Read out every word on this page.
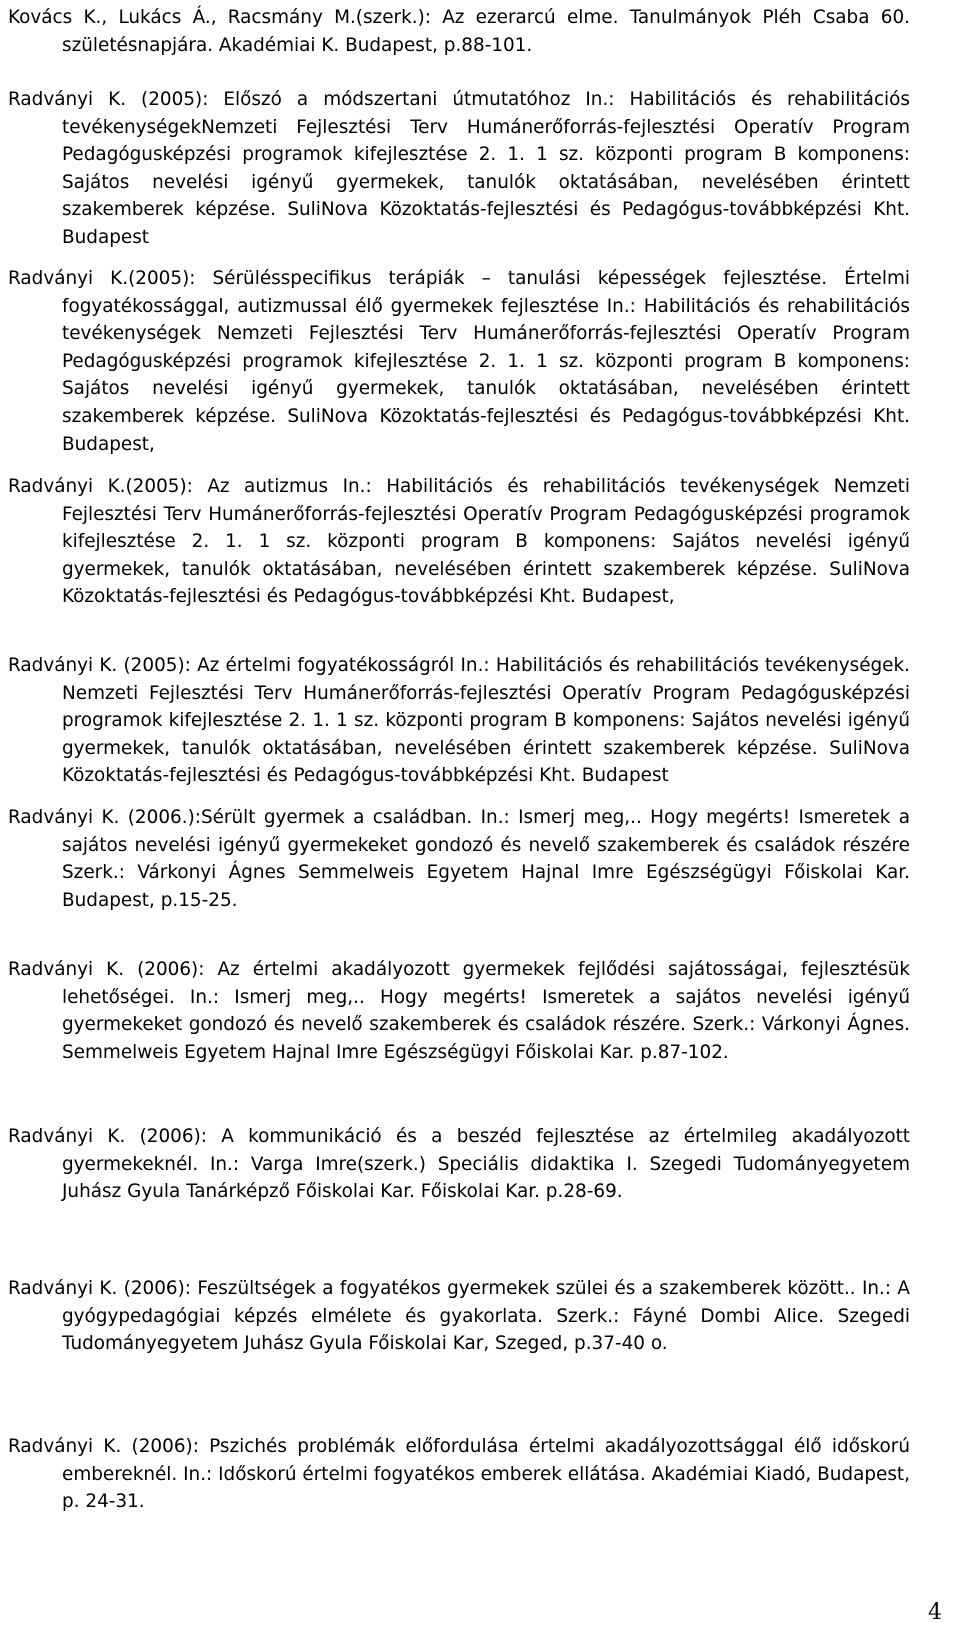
Kovács K., Lukács Á., Racsmány M.(szerk.): Az ezerarcú elme. Tanulmányok Pléh Csaba 60. születésnapjára. Akadémiai K. Budapest, p.88-101.

Radványi K. (2005): Előszó a módszertani útmutatóhoz In.: Habilitációs és rehabilitációs tevékenységekNemzeti Fejlesztési Terv Humánerőforrás-fejlesztési Operatív Program Pedagógusképzési programok kifejlesztése 2. 1. 1 sz. központi program B komponens: Sajátos nevelési igényű gyermekek, tanulók oktatásában, nevelésében érintett szakemberek képzése. SuliNova Közoktatás-fejlesztési és Pedagógus-továbbképzési Kht. Budapest

Radványi K.(2005): Sérülésspecifikus terápiák – tanulási képességek fejlesztése. Értelmi fogyatékossággal, autizmussal élő gyermekek fejlesztése In.: Habilitációs és rehabilitációs tevékenységek Nemzeti Fejlesztési Terv Humánerőforrás-fejlesztési Operatív Program Pedagógusképzési programok kifejlesztése 2. 1. 1 sz. központi program B komponens: Sajátos nevelési igényű gyermekek, tanulók oktatásában, nevelésében érintett szakemberek képzése. SuliNova Közoktatás-fejlesztési és Pedagógus-továbbképzési Kht. Budapest,

Radványi K.(2005): Az autizmus In.: Habilitációs és rehabilitációs tevékenységek Nemzeti Fejlesztési Terv Humánerőforrás-fejlesztési Operatív Program Pedagógusképzési programok kifejlesztése 2. 1. 1 sz. központi program B komponens: Sajátos nevelési igényű gyermekek, tanulók oktatásában, nevelésében érintett szakemberek képzése. SuliNova Közoktatás-fejlesztési és Pedagógus-továbbképzési Kht. Budapest,

Radványi K. (2005): Az értelmi fogyatékosságról In.: Habilitációs és rehabilitációs tevékenységek. Nemzeti Fejlesztési Terv Humánerőforrás-fejlesztési Operatív Program Pedagógusképzési programok kifejlesztése 2. 1. 1 sz. központi program B komponens: Sajátos nevelési igényű gyermekek, tanulók oktatásában, nevelésében érintett szakemberek képzése. SuliNova Közoktatás-fejlesztési és Pedagógus-továbbképzési Kht. Budapest

Radványi K. (2006.):Sérült gyermek a családban. In.: Ismerj meg,.. Hogy megérts! Ismeretek a sajátos nevelési igényű gyermekeket gondozó és nevelő szakemberek és családok részére Szerk.: Várkonyi Ágnes Semmelweis Egyetem Hajnal Imre Egészségügyi Főiskolai Kar. Budapest, p.15-25.

Radványi K. (2006): Az értelmi akadályozott gyermekek fejlődési sajátosságai, fejlesztésük lehetőségei. In.: Ismerj meg,.. Hogy megérts! Ismeretek a sajátos nevelési igényű gyermekeket gondozó és nevelő szakemberek és családok részére. Szerk.: Várkonyi Ágnes. Semmelweis Egyetem Hajnal Imre Egészségügyi Főiskolai Kar. p.87-102.

Radványi K. (2006): A kommunikáció és a beszéd fejlesztése az értelmileg akadályozott gyermekeknél. In.: Varga Imre(szerk.) Speciális didaktika I. Szegedi Tudományegyetem Juhász Gyula Tanárképző Főiskolai Kar. Főiskolai Kar. p.28-69.

Radványi K. (2006): Feszültségek a fogyatékos gyermekek szülei és a szakemberek között.. In.: A gyógypedagógiai képzés elmélete és gyakorlata. Szerk.: Fáyné Dombi Alice. Szegedi Tudományegyetem Juhász Gyula Főiskolai Kar, Szeged, p.37-40 o.

Radványi K. (2006): Pszichés problémák előfordulása értelmi akadályozottsággal élő időskorú embereknél. In.: Időskorú értelmi fogyatékos emberek ellátása. Akadémiai Kiadó, Budapest, p. 24-31.

4
